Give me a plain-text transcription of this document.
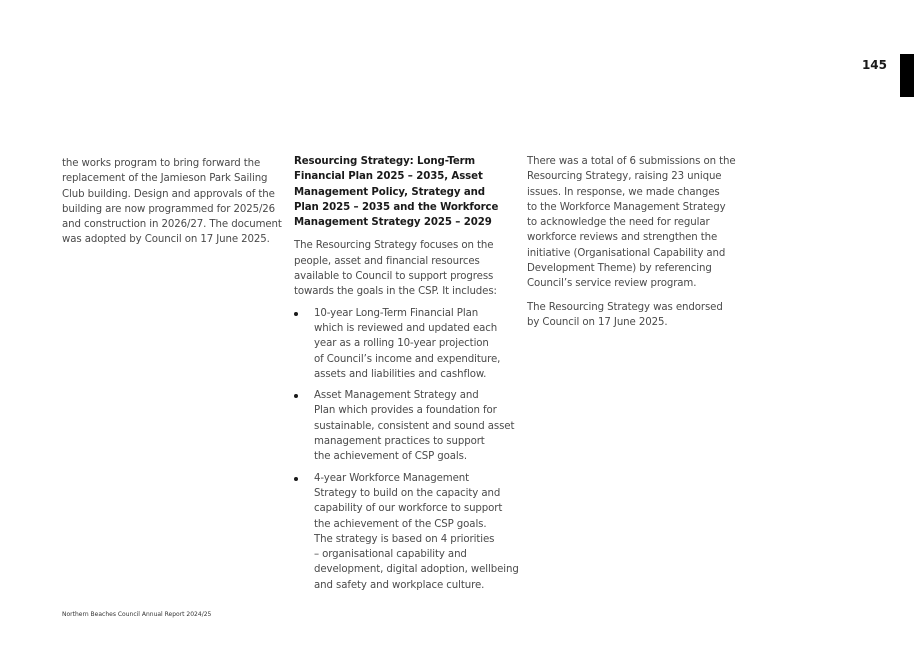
145

the works program to bring forward the
replacement of the Jamieson Park Sailing
Club building. Design and approvals of the
building are now programmed for 2025/26
and construction in 2026/27. The document
was adopted by Council on 17 June 2025.

Resourcing Strategy: Long-Term
Financial Plan 2025 – 2035, Asset
Management Policy, Strategy and
Plan 2025 – 2035 and the Workforce
Management Strategy 2025 – 2029

The Resourcing Strategy focuses on the
people, asset and financial resources
available to Council to support progress
towards the goals in the CSP. It includes:

10-year Long-Term Financial Plan
which is reviewed and updated each
year as a rolling 10-year projection
of Council’s income and expenditure,
assets and liabilities and cashflow.
Asset Management Strategy and
Plan which provides a foundation for
sustainable, consistent and sound asset
management practices to support
the achievement of CSP goals.
4-year Workforce Management
Strategy to build on the capacity and
capability of our workforce to support
the achievement of the CSP goals.
The strategy is based on 4 priorities
– organisational capability and
development, digital adoption, wellbeing
and safety and workplace culture.

There was a total of 6 submissions on the
Resourcing Strategy, raising 23 unique
issues. In response, we made changes
to the Workforce Management Strategy
to acknowledge the need for regular
workforce reviews and strengthen the
initiative (Organisational Capability and
Development Theme) by referencing
Council’s service review program.

The Resourcing Strategy was endorsed
by Council on 17 June 2025.

Northern Beaches Council Annual Report 2024/25
